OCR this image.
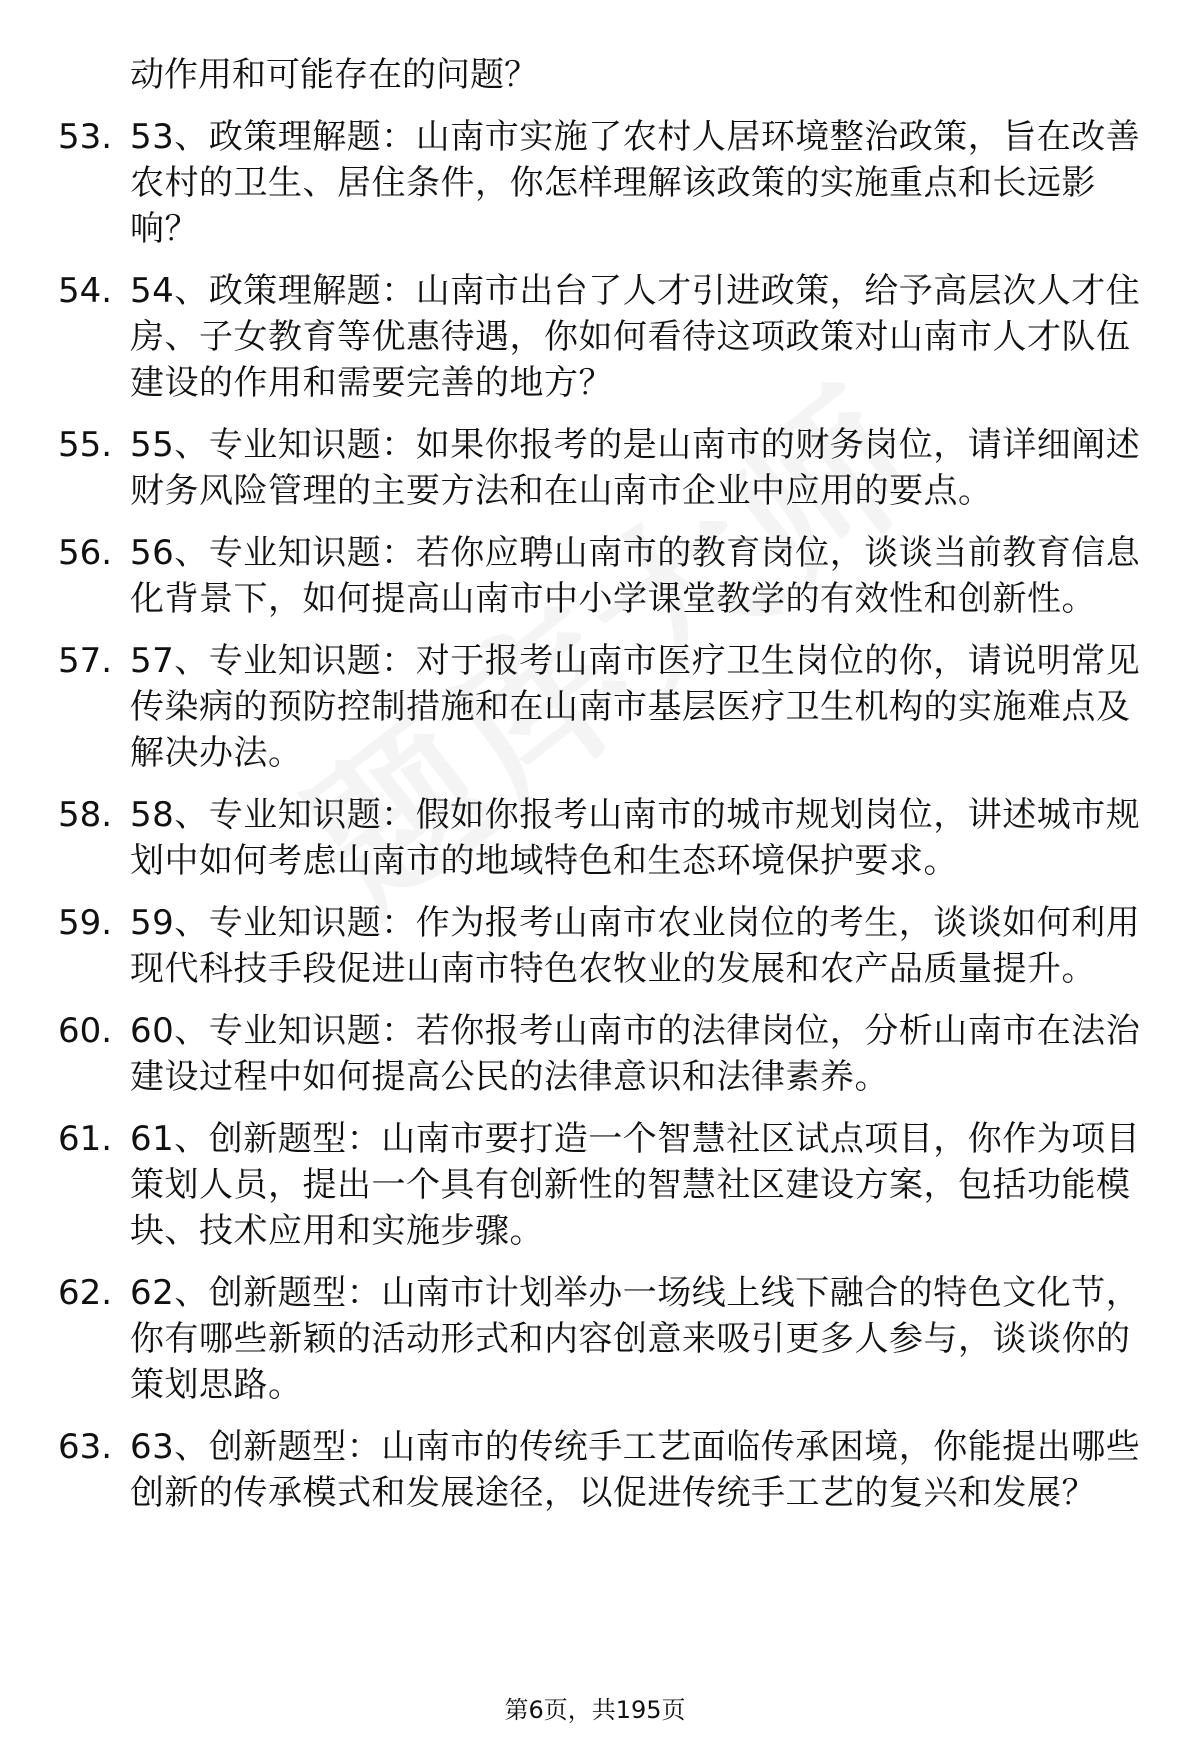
动作用和可能存在的问题？
53. 53、政策理解题：山南市实施了农村人居环境整治政策，旨在改善农村的卫生、居住条件，你怎样理解该政策的实施重点和长远影响？
54. 54、政策理解题：山南市出台了人才引进政策，给予高层次人才住房、子女教育等优惠待遇，你如何看待这项政策对山南市人才队伍建设的作用和需要完善的地方？
55. 55、专业知识题：如果你报考的是山南市的财务岗位，请详细阐述财务风险管理的主要方法和在山南市企业中应用的要点。
56. 56、专业知识题：若你应聘山南市的教育岗位，谈谈当前教育信息化背景下，如何提高山南市中小学课堂教学的有效性和创新性。
57. 57、专业知识题：对于报考山南市医疗卫生岗位的你，请说明常见传染病的预防控制措施和在山南市基层医疗卫生机构的实施难点及解决办法。
58. 58、专业知识题：假如你报考山南市的城市规划岗位，讲述城市规划中如何考虑山南市的地域特色和生态环境保护要求。
59. 59、专业知识题：作为报考山南市农业岗位的考生，谈谈如何利用现代科技手段促进山南市特色农牧业的发展和农产品质量提升。
60. 60、专业知识题：若你报考山南市的法律岗位，分析山南市在法治建设过程中如何提高公民的法律意识和法律素养。
61. 61、创新题型：山南市要打造一个智慧社区试点项目，你作为项目策划人员，提出一个具有创新性的智慧社区建设方案，包括功能模块、技术应用和实施步骤。
62. 62、创新题型：山南市计划举办一场线上线下融合的特色文化节，你有哪些新颖的活动形式和内容创意来吸引更多人参与，谈谈你的策划思路。
63. 63、创新题型：山南市的传统手工艺面临传承困境，你能提出哪些创新的传承模式和发展途径，以促进传统手工艺的复兴和发展？
第6页，共195页
